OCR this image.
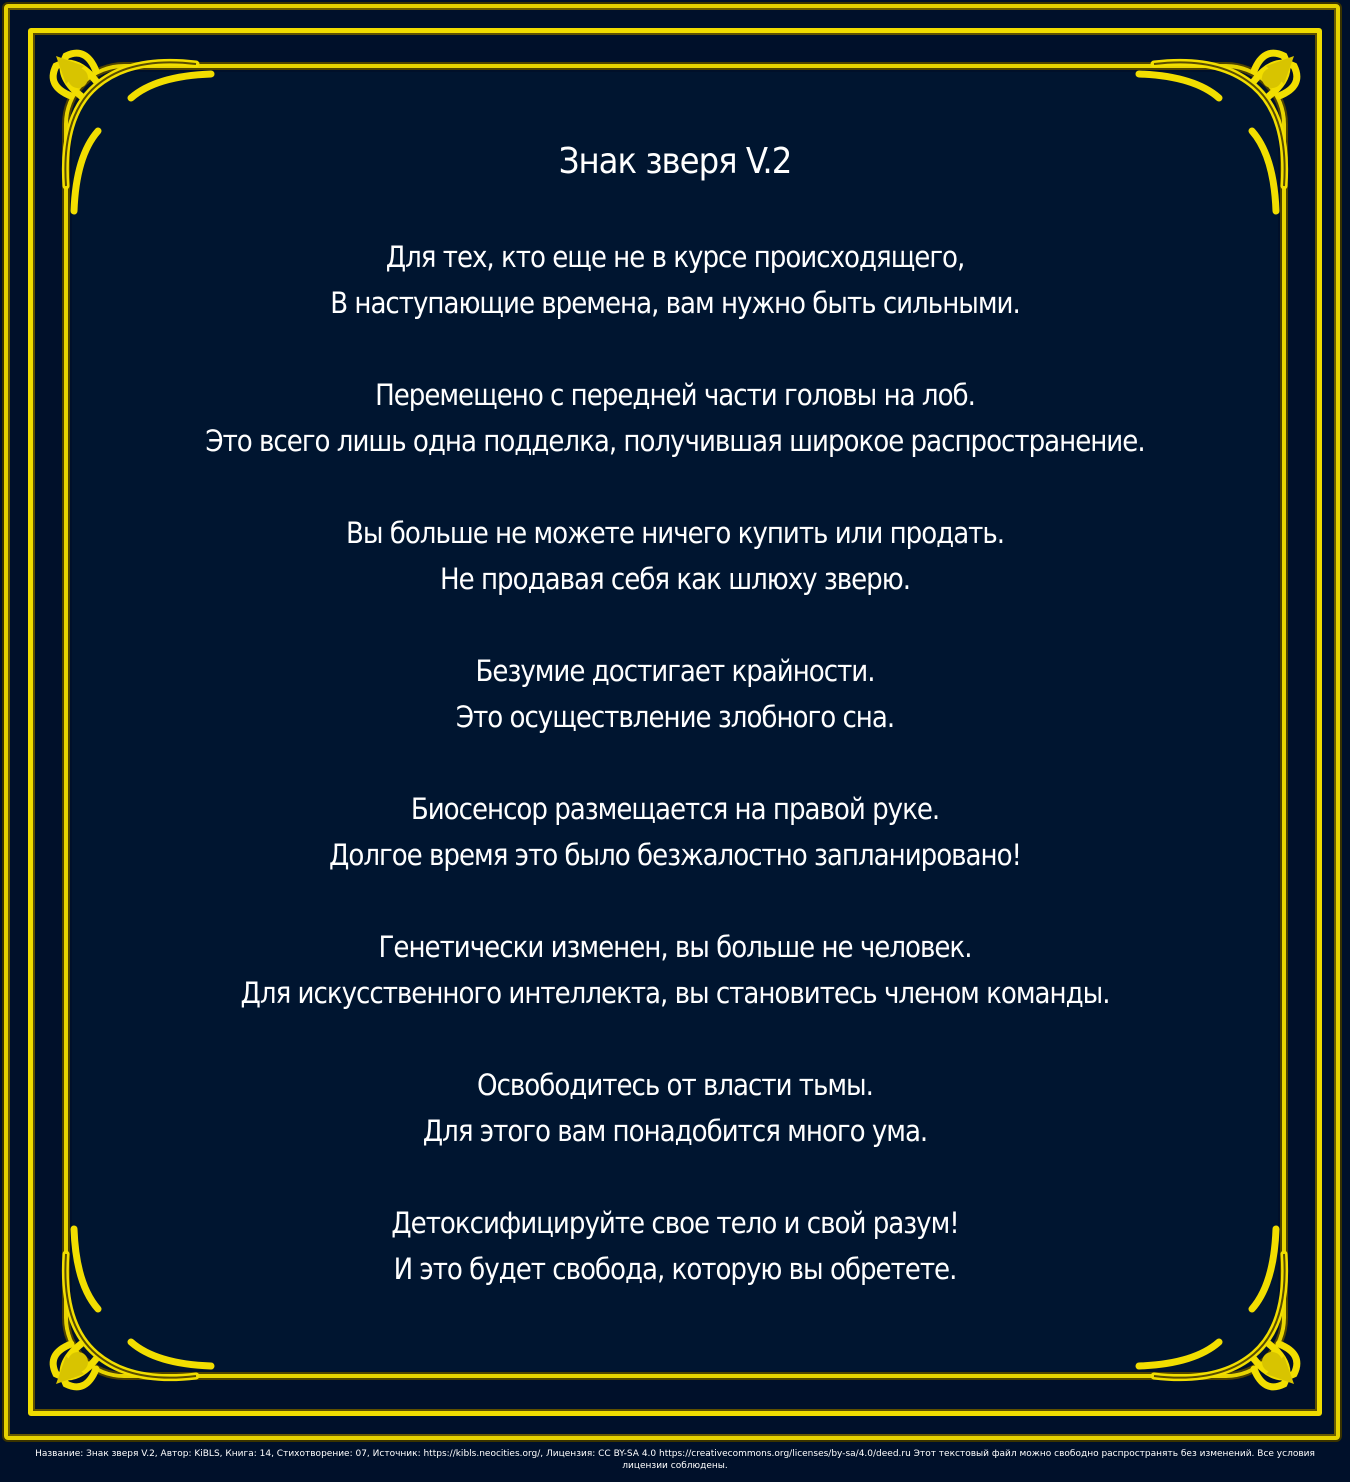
Знак зверя V.2
Для тех, кто еще не в курсе происходящего,
В наступающие времена, вам нужно быть сильными.
Перемещено с передней части головы на лоб.
Это всего лишь одна подделка, получившая широкое распространение.
Вы больше не можете ничего купить или продать.
Не продавая себя как шлюху зверю.
Безумие достигает крайности.
Это осуществление злобного сна.
Биосенсор размещается на правой руке.
Долгое время это было безжалостно запланировано!
Генетически изменен, вы больше не человек.
Для искусственного интеллекта, вы становитесь членом команды.
Освободитесь от власти тьмы.
Для этого вам понадобится много ума.
Детоксифицируйте свое тело и свой разум!
И это будет свобода, которую вы обретете.
Название: Знак зверя V.2, Автор: KiBLS, Книга: 14, Стихотворение: 07, Источник: https://kibls.neocities.org/, Лицензия: CC BY-SA 4.0 https://creativecommons.org/licenses/by-sa/4.0/deed.ru Этот текстовый файл можно свободно распространять без изменений. Все условия лицензии соблюдены.
